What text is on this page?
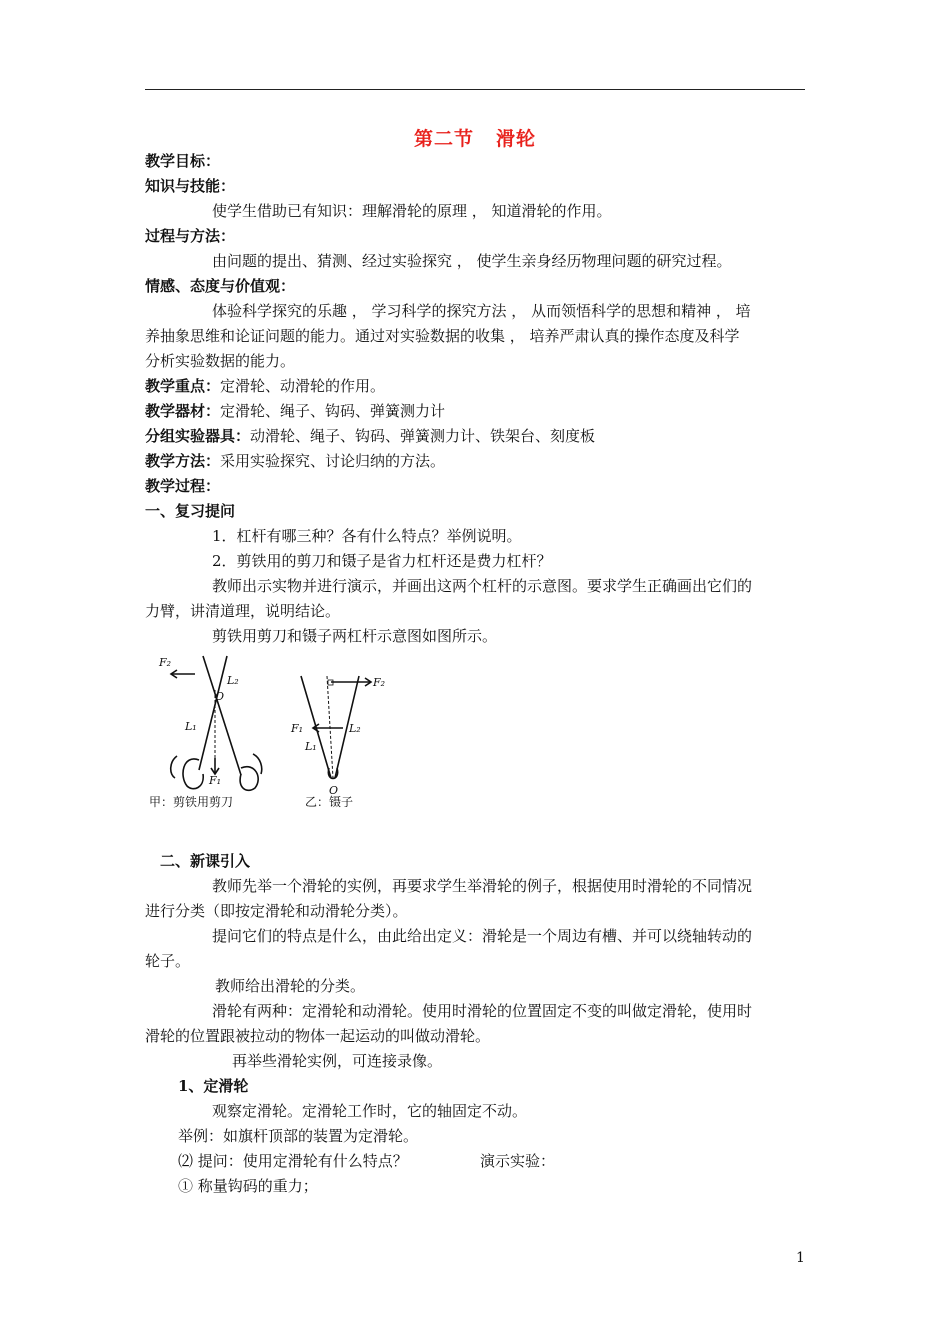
第二节 滑轮
教学目标：
知识与技能：
使学生借助已有知识：理解滑轮的原理 ， 知道滑轮的作用。
过程与方法：
由问题的提出、猜测、经过实验探究 ， 使学生亲身经历物理问题的研究过程。
情感、态度与价值观：
体验科学探究的乐趣 ， 学习科学的探究方法 ， 从而领悟科学的思想和精神 ， 培
养抽象思维和论证问题的能力。通过对实验数据的收集 ， 培养严肃认真的操作态度及科学
分析实验数据的能力。
教学重点：定滑轮、动滑轮的作用。
教学器材：定滑轮、绳子、钩码、弹簧测力计
分组实验器具：动滑轮、绳子、钩码、弹簧测力计、铁架台、刻度板
教学方法：采用实验探究、讨论归纳的方法。
教学过程：
一、复习提问
1．杠杆有哪三种？各有什么特点？举例说明。
2．剪铁用的剪刀和镊子是省力杠杆还是费力杠杆？
教师出示实物并进行演示，并画出这两个杠杆的示意图。要求学生正确画出它们的
力臂，讲清道理，说明结论。
剪铁用剪刀和镊子两杠杆示意图如图所示。
F₂
L₂
O
L₁
F₁
F₂
F₁	L₂
L₁
O
甲：剪铁用剪刀	乙：镊子
二、新课引入
教师先举一个滑轮的实例，再要求学生举滑轮的例子，根据使用时滑轮的不同情况
进行分类（即按定滑轮和动滑轮分类）。
提问它们的特点是什么，由此给出定义：滑轮是一个周边有槽、并可以绕轴转动的
轮子。
教师给出滑轮的分类。
滑轮有两种：定滑轮和动滑轮。使用时滑轮的位置固定不变的叫做定滑轮，使用时
滑轮的位置跟被拉动的物体一起运动的叫做动滑轮。
再举些滑轮实例，可连接录像。
1、定滑轮
观察定滑轮。定滑轮工作时，它的轴固定不动。
举例：如旗杆顶部的装置为定滑轮。
⑵ 提问：使用定滑轮有什么特点？	演示实验：
① 称量钩码的重力；
1
